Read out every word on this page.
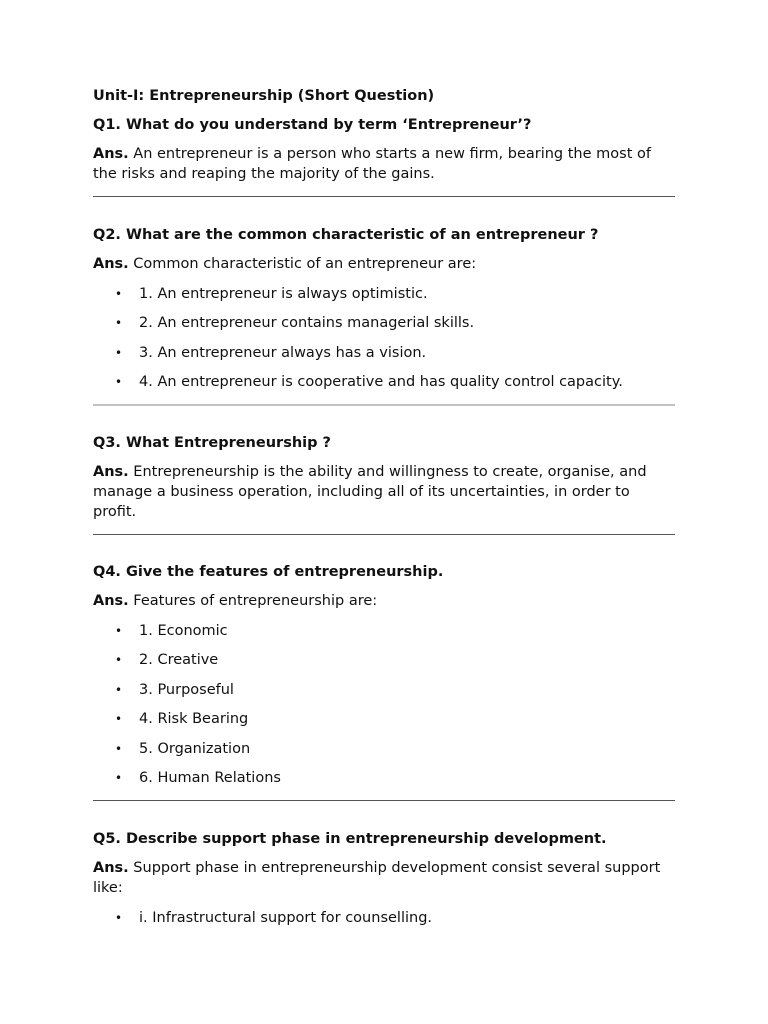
Unit-I: Entrepreneurship (Short Question)

Q1. What do you understand by term ‘Entrepreneur’?

Ans. An entrepreneur is a person who starts a new firm, bearing the most of the risks and reaping the majority of the gains.

Q2. What are the common characteristic of an entrepreneur ?

Ans. Common characteristic of an entrepreneur are:

• 1. An entrepreneur is always optimistic.
• 2. An entrepreneur contains managerial skills.
• 3. An entrepreneur always has a vision.
• 4. An entrepreneur is cooperative and has quality control capacity.

Q3. What Entrepreneurship ?

Ans. Entrepreneurship is the ability and willingness to create, organise, and manage a business operation, including all of its uncertainties, in order to profit.

Q4. Give the features of entrepreneurship.

Ans. Features of entrepreneurship are:

• 1. Economic
• 2. Creative
• 3. Purposeful
• 4. Risk Bearing
• 5. Organization
• 6. Human Relations

Q5. Describe support phase in entrepreneurship development.

Ans. Support phase in entrepreneurship development consist several support like:

• i. Infrastructural support for counselling.
